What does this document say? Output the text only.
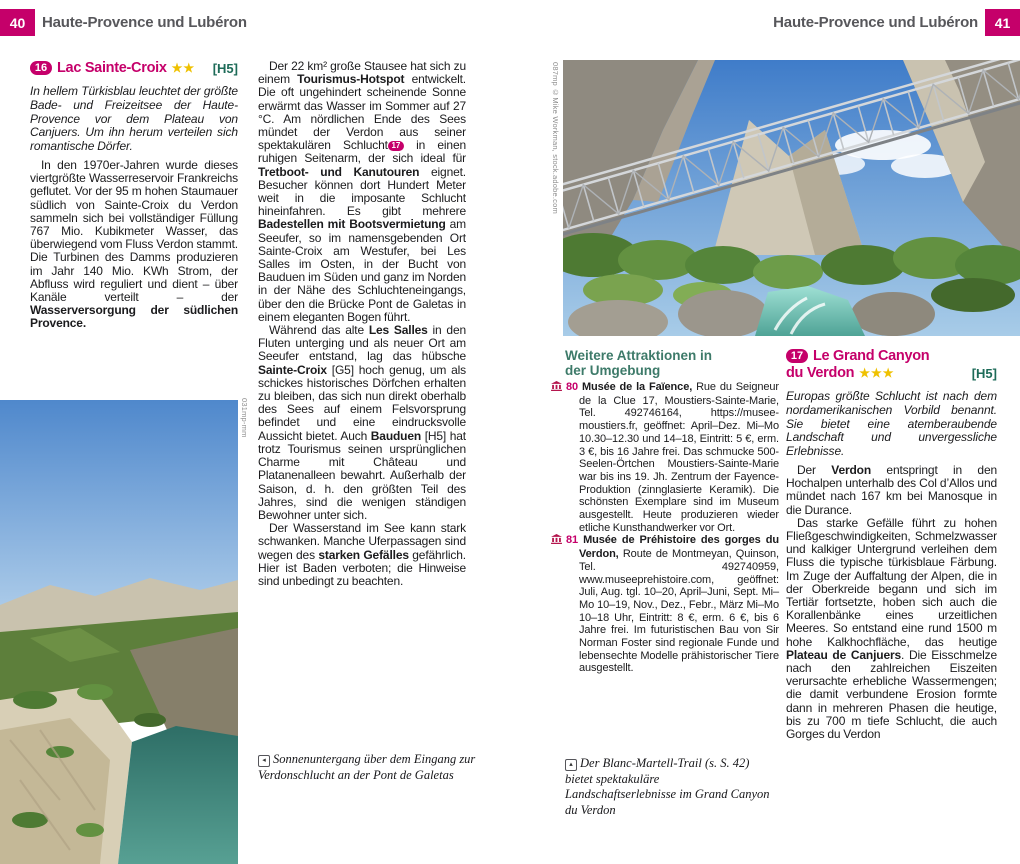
40	Haute-Provence und Lubéron	Haute-Provence und Lubéron	41
16 Lac Sainte-Croix ★★ [H5]

In hellem Türkisblau leuchtet der größte Bade- und Freizeitsee der Haute-Provence vor dem Plateau von Canjuers. Um ihn herum verteilen sich romantische Dörfer.

In den 1970er-Jahren wurde dieses viertgrößte Wasserreservoir Frankreichs geflutet. Vor der 95 m hohen Staumauer südlich von Sainte-Croix du Verdon sammeln sich bei vollständiger Füllung 767 Mio. Kubikmeter Wasser, das überwiegend vom Fluss Verdon stammt. Die Turbinen des Damms produzieren im Jahr 140 Mio. KWh Strom, der Abfluss wird reguliert und dient – über Kanäle verteilt – der Wasserversorgung der südlichen Provence.

Der 22 km² große Stausee hat sich zu einem Tourismus-Hotspot entwickelt. Die oft ungehindert scheinende Sonne erwärmt das Wasser im Sommer auf 27 °C. Am nördlichen Ende des Sees mündet der Verdon aus seiner spektakulären Schlucht 17 in einen ruhigen Seitenarm, der sich ideal für Tretboot- und Kanutouren eignet. Besucher können dort Hundert Meter weit in die imposante Schlucht hineinfahren. Es gibt mehrere Badestellen mit Bootsvermietung am Seeufer, so im namensgebenden Ort Sainte-Croix am Westufer, bei Les Salles im Osten, in der Bucht von Bauduen im Süden und ganz im Norden in der Nähe des Schluchteneingangs, über den die Brücke Pont de Galetas in einem eleganten Bogen führt.

Während das alte Les Salles in den Fluten unterging und als neuer Ort am Seeufer entstand, lag das hübsche Sainte-Croix [G5] hoch genug, um als schickes historisches Dörfchen erhalten zu bleiben, das sich nun direkt oberhalb des Sees auf einem Felsvorsprung befindet und eine eindrucksvolle Aussicht bietet. Auch Bauduen [H5] hat trotz Tourismus seinen ursprünglichen Charme mit Château und Platanenalleen bewahrt. Außerhalb der Saison, d. h. den größten Teil des Jahres, sind die wenigen ständigen Bewohner unter sich.

Der Wasserstand im See kann stark schwanken. Manche Uferpassagen sind wegen des starken Gefälles gefährlich. Hier ist Baden verboten; die Hinweise sind unbedingt zu beachten.

031mp-mm
087mp ©Mike Workman, stock.adobe.com
Weitere Attraktionen in
der Umgebung

80 Musée de la Faïence, Rue du Seigneur de la Clue 17, Moustiers-Sainte-Marie, Tel. 492746164, https://musee-moustiers.fr, geöffnet: April–Dez. Mi–Mo 10.30–12.30 und 14–18, Eintritt: 5 €, erm. 3 €, bis 16 Jahre frei. Das schmucke 500-Seelen-Örtchen Moustiers-Sainte-Marie war bis ins 19. Jh. Zentrum der Fayence-Produktion (zinnglasierte Keramik). Die schönsten Exemplare sind im Museum ausgestellt. Heute produzieren wieder etliche Kunsthandwerker vor Ort.

81 Musée de Préhistoire des gorges du Verdon, Route de Montmeyan, Quinson, Tel. 492740959, www.museeprehistoire.com, geöffnet: Juli, Aug. tgl. 10–20, April–Juni, Sept. Mi–Mo 10–19, Nov., Dez., Febr., März Mi–Mo 10–18 Uhr, Eintritt: 8 €, erm. 6 €, bis 6 Jahre frei. Im futuristischen Bau von Sir Norman Foster sind regionale Funde und lebensechte Modelle prähistorischer Tiere ausgestellt.

17 Le Grand Canyon
du Verdon ★★★	[H5]

Europas größte Schlucht ist nach dem nordamerikanischen Vorbild benannt. Sie bietet eine atemberaubende Landschaft und unvergessliche Erlebnisse.

Der Verdon entspringt in den Hochalpen unterhalb des Col d’Allos und mündet nach 167 km bei Manosque in die Durance.

Das starke Gefälle führt zu hohen Fließgeschwindigkeiten, Schmelzwasser und kalkiger Untergrund verleihen dem Fluss die typische türkisblaue Färbung. Im Zuge der Auffaltung der Alpen, die in der Oberkreide begann und sich im Tertiär fortsetzte, hoben sich auch die Korallenbänke eines urzeitlichen Meeres. So entstand eine rund 1500 m hohe Kalkhochfläche, das heutige Plateau de Canjuers. Die Eisschmelze nach den zahlreichen Eiszeiten verursachte erhebliche Wassermengen; die damit verbundene Erosion formte dann in mehreren Phasen die heutige, bis zu 700 m tiefe Schlucht, die auch Gorges du Verdon

◂ Sonnenuntergang über dem Eingang zur Verdonschlucht an der Pont de Galetas

▴ Der Blanc-Martell-Trail (s. S. 42) bietet spektakuläre Landschaftserlebnisse im Grand Canyon du Verdon
